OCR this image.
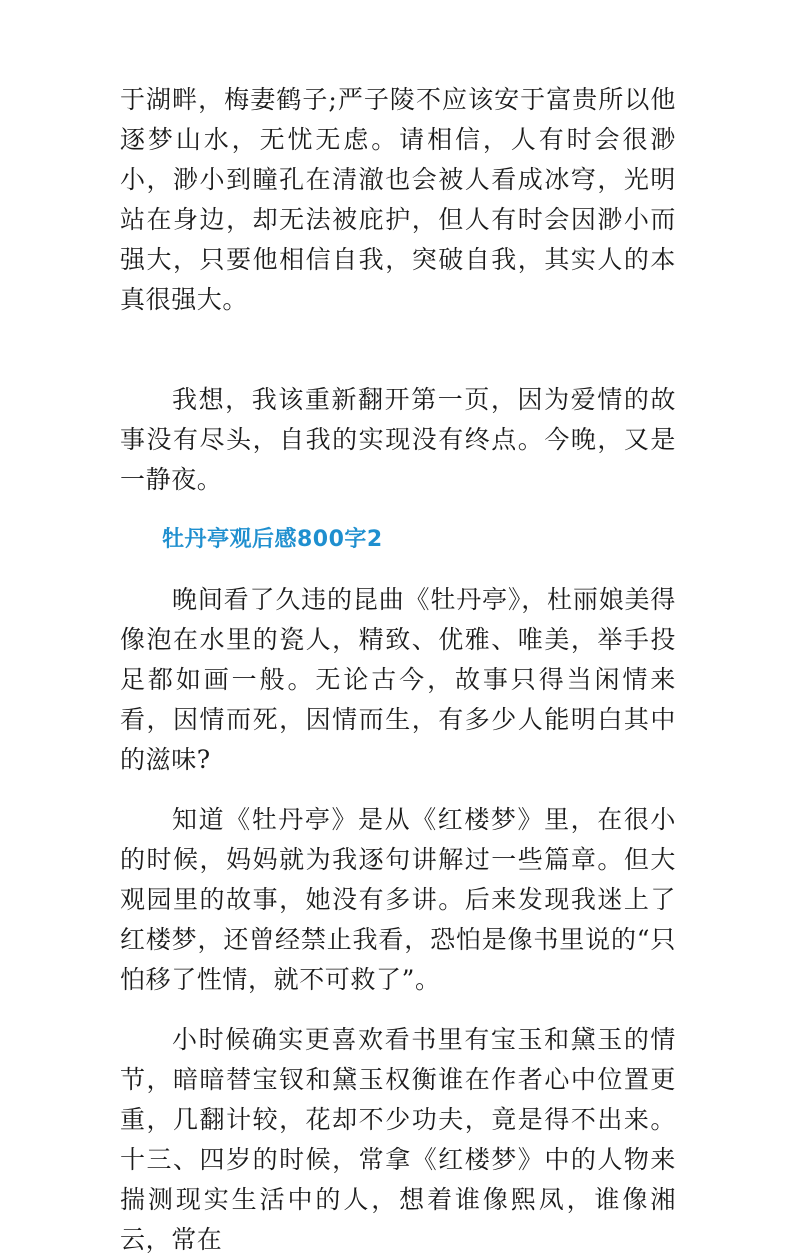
于湖畔，梅妻鹤子;严子陵不应该安于富贵所以他逐梦山水，无忧无虑。请相信，人有时会很渺小，渺小到瞳孔在清澈也会被人看成冰穹，光明站在身边，却无法被庇护，但人有时会因渺小而强大，只要他相信自我，突破自我，其实人的本真很强大。

我想，我该重新翻开第一页，因为爱情的故事没有尽头，自我的实现没有终点。今晚，又是一静夜。

牡丹亭观后感800字2

晚间看了久违的昆曲《牡丹亭》，杜丽娘美得像泡在水里的瓷人，精致、优雅、唯美，举手投足都如画一般。无论古今，故事只得当闲情来看，因情而死，因情而生，有多少人能明白其中的滋味?

知道《牡丹亭》是从《红楼梦》里，在很小的时候，妈妈就为我逐句讲解过一些篇章。但大观园里的故事，她没有多讲。后来发现我迷上了红楼梦，还曾经禁止我看，恐怕是像书里说的“只怕移了性情，就不可救了”。

小时候确实更喜欢看书里有宝玉和黛玉的情节，暗暗替宝钗和黛玉权衡谁在作者心中位置更重，几翻计较，花却不少功夫，竟是得不出来。十三、四岁的时候，常拿《红楼梦》中的人物来揣测现实生活中的人，想着谁像熙凤，谁像湘云，常在
